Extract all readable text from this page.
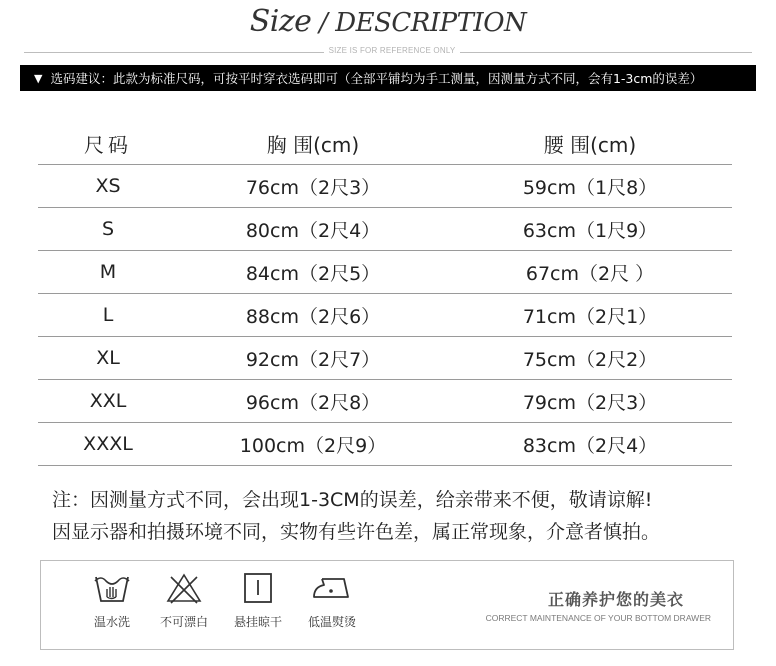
Size / DESCRIPTION
SIZE IS FOR REFERENCE ONLY
▼ 选码建议：此款为标准尺码，可按平时穿衣选码即可（全部平铺均为手工测量，因测量方式不同，会有1-3cm的误差）
尺码	胸 围(cm)	腰 围(cm)
XS	76cm（2尺3）	59cm（1尺8）
S	80cm（2尺4）	63cm（1尺9）
M	84cm（2尺5）	67cm（2尺 ）
L	88cm（2尺6）	71cm（2尺1）
XL	92cm（2尺7）	75cm（2尺2）
XXL	96cm（2尺8）	79cm（2尺3）
XXXL	100cm（2尺9）	83cm（2尺4）
注：因测量方式不同，会出现1-3CM的误差，给亲带来不便，敬请谅解!
因显示器和拍摄环境不同，实物有些许色差，属正常现象，介意者慎拍。
温水洗	不可漂白	悬挂晾干	低温熨烫
正确养护您的美衣
CORRECT MAINTENANCE OF YOUR BOTTOM DRAWER
